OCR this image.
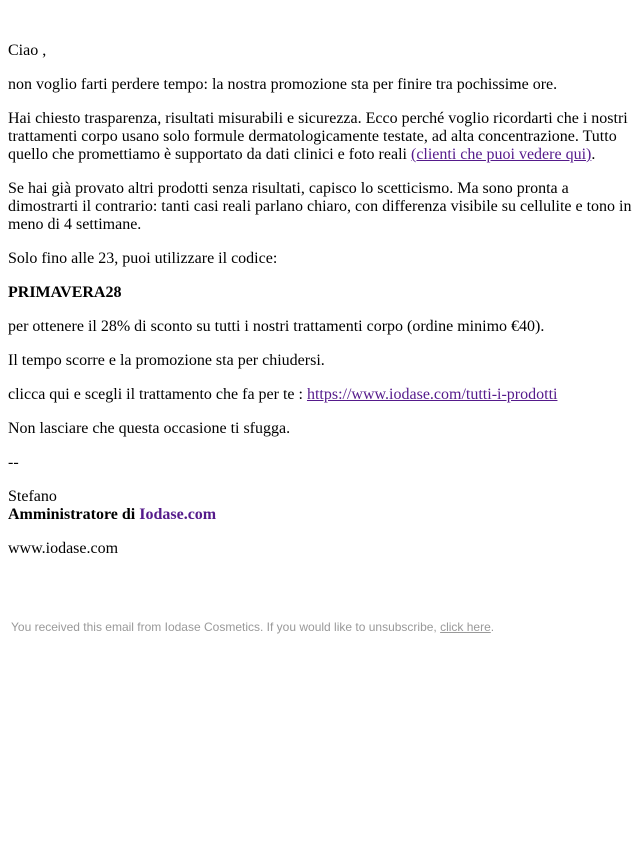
Ciao ,

non voglio farti perdere tempo: la nostra promozione sta per finire tra pochissime ore.

Hai chiesto trasparenza, risultati misurabili e sicurezza. Ecco perché voglio ricordarti che i nostri trattamenti corpo usano solo formule dermatologicamente testate, ad alta concentrazione. Tutto quello che promettiamo è supportato da dati clinici e foto reali (clienti che puoi vedere qui).

Se hai già provato altri prodotti senza risultati, capisco lo scetticismo. Ma sono pronta a dimostrarti il contrario: tanti casi reali parlano chiaro, con differenza visibile su cellulite e tono in meno di 4 settimane.

Solo fino alle 23, puoi utilizzare il codice:

PRIMAVERA28

per ottenere il 28% di sconto su tutti i nostri trattamenti corpo (ordine minimo €40).

Il tempo scorre e la promozione sta per chiudersi.

clicca qui e scegli il trattamento che fa per te : https://www.iodase.com/tutti-i-prodotti

Non lasciare che questa occasione ti sfugga.

--

Stefano

Amministratore di Iodase.com

www.iodase.com

You received this email from Iodase Cosmetics. If you would like to unsubscribe, click here.
